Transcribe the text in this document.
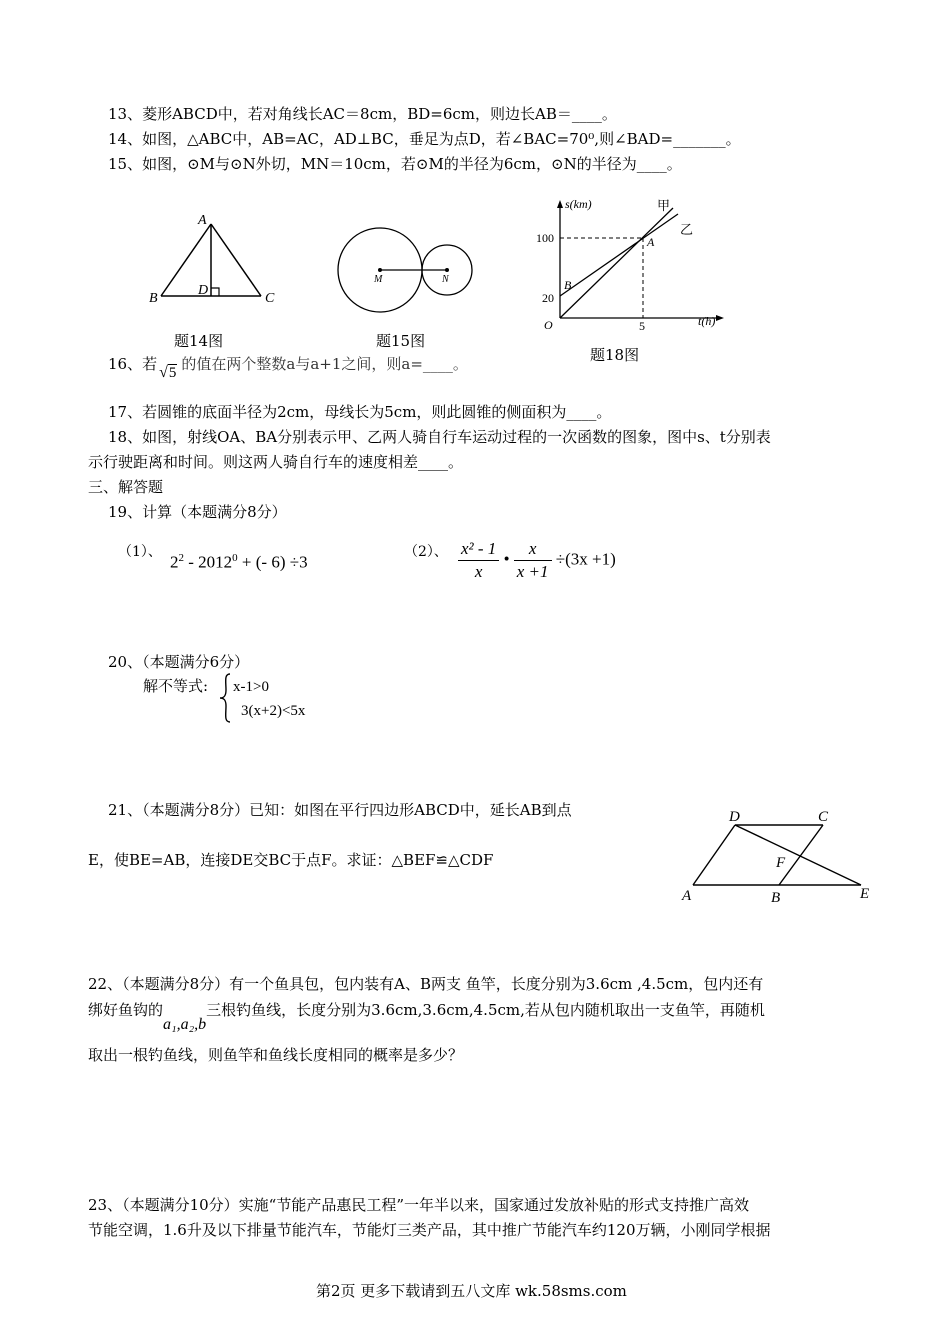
13、菱形ABCD中，若对角线长AC＝8cm，BD=6cm，则边长AB＝____。
14、如图，△ABC中，AB=AC，AD⊥BC，垂足为点D，若∠BAC=70⁰,则∠BAD=_______。
15、如图，⊙M与⊙N外切，MN＝10cm，若⊙M的半径为6cm，⊙N的半径为____。
A
B	C
D
题14图
M	N
题15图
s(km)
t(h)
甲
乙
A
B
O
100
20
5
题18图
16、若 √5 的值在两个整数a与a+1之间，则a=____。
17、若圆锥的底面半径为2cm，母线长为5cm，则此圆锥的侧面积为____。
18、如图，射线OA、BA分别表示甲、乙两人骑自行车运动过程的一次函数的图象，图中s、t分别表
示行驶距离和时间。则这两人骑自行车的速度相差____。
三、解答题
19、计算（本题满分8分）
（1）、
$2^2 - 2012^0$ + (- 6) ÷3
（2）、 $\frac{\text{x² - 1}}{x}$ • $\frac{x}{x +1} \div(3x +1)$
20、（本题满分6分）
解不等式: x-1>0
3(x+2)<5x
21、（本题满分8分）已知：如图在平行四边形ABCD中，延长AB到点
E，使BE=AB，连接DE交BC于点F。求证：△BEF≌△CDF
D	C
A	B	E
F
22、（本题满分8分）有一个鱼具包，包内装有A、B两支 鱼竿，长度分别为3.6cm ,4.5cm，包内还有
绑好鱼钩的a₁,a₂,b三根钓鱼线，长度分别为3.6cm,3.6cm,4.5cm,若从包内随机取出一支鱼竿，再随机
取出一根钓鱼线，则鱼竿和鱼线长度相同的概率是多少？
23、（本题满分10分）实施“节能产品惠民工程”一年半以来，国家通过发放补贴的形式支持推广高效
节能空调，1.6升及以下排量节能汽车，节能灯三类产品，其中推广节能汽车约120万辆，小刚同学根据
第2页 更多下载请到五八文库 wk.58sms.com
